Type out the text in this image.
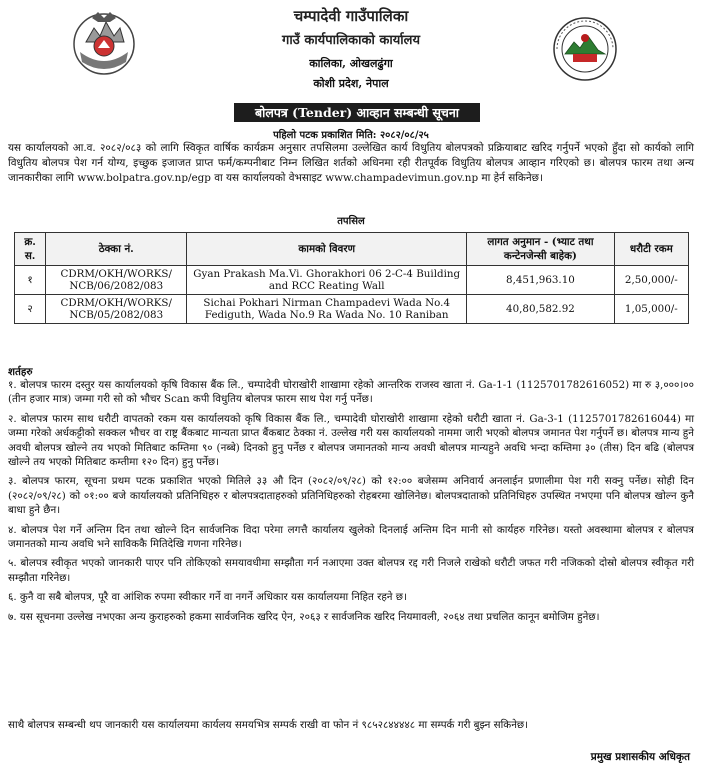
चम्पादेवी गाउँपालिका
गाउँ कार्यपालिकाको कार्यालय
कालिका, ओखलढुंगा
कोशी प्रदेश, नेपाल
बोलपत्र (Tender) आव्हान सम्बन्धी सूचना
पहिलो पटक प्रकाशित मिति: २०८२/०८/२५
यस कार्यालयको आ.व. २०८२/०८३ को लागि स्विकृत वार्षिक कार्यक्रम अनुसार तपसिलमा उल्लेखित कार्य विधुतिय बोलपत्रको प्रक्रियाबाट खरिद गर्नुपर्ने भएको हुँदा सो कार्यको लागि विधुतिय बोलपत्र पेश गर्न योग्य, इच्छुक इजाजत प्राप्त फर्म/कम्पनीबाट निम्न लिखित शर्तको अधिनमा रही रीतपूर्वक विधुतिय बोलपत्र आव्हान गरिएको छ। बोलपत्र फारम तथा अन्य जानकारीका लागि www.bolpatra.gov.np/egp वा यस कार्यालयको वेभसाइट www.champadevimun.gov.np मा हेर्न सकिनेछ।
तपसिल
क्र. स.	ठेक्का नं.	कामको विवरण	लागत अनुमान - (भ्याट तथा कन्टेनजेन्सी बाहेक)	धरौटी रकम
१	CDRM/OKH/WORKS/ NCB/06/2082/083	Gyan Prakash Ma.Vi. Ghorakhori 06 2-C-4 Building and RCC Reating Wall	8,451,963.10	2,50,000/-
२	CDRM/OKH/WORKS/ NCB/05/2082/083	Sichai Pokhari Nirman Champadevi Wada No.4 Fediguth, Wada No.9 Ra Wada No. 10 Raniban	40,80,582.92	1,05,000/-
शर्तहरु

१. बोलपत्र फारम दस्तुर यस कार्यालयको कृषि विकास बैंक लि., चम्पादेवी घोराखोरी शाखामा रहेको आन्तरिक राजस्व खाता नं. Ga-1-1 (1125701782616052) मा रु ३,०००।०० (तीन हजार मात्र) जम्मा गरी सो को भौचर Scan कपी विधुतिय बोलपत्र फारम साथ पेश गर्नु पर्नेछ।

२. बोलपत्र फारम साथ धरौटी वापतको रकम यस कार्यालयको कृषि विकास बैंक लि., चम्पादेवी घोराखोरी शाखामा रहेको धरौटी खाता नं. Ga-3-1 (1125701782616044) मा जम्मा गरेको अर्धकट्टीको सक्कल भौचर वा राष्ट्र बैंकबाट मान्यता प्राप्त बैंकबाट ठेक्का नं. उल्लेख गरी यस कार्यालयको नाममा जारी भएको बोलपत्र जमानत पेश गर्नुपर्ने छ। बोलपत्र मान्य हुने अवधी बोलपत्र खोल्ने तय भएको मितिबाट कम्तिमा ९० (नब्बे) दिनको हुनु पर्नेछ र बोलपत्र जमानतको मान्य अवधी बोलपत्र मान्यहुने अवधि भन्दा कम्तिमा ३० (तीस) दिन बढि (बोलपत्र खोल्ने तय भएको मितिबाट कम्तीमा १२० दिन) हुनु पर्नेछ।

३. बोलपत्र फारम, सूचना प्रथम पटक प्रकाशित भएको मितिले ३३ औ दिन (२०८२/०९/२८) को १२:०० बजेसम्म अनिवार्य अनलाईन प्रणालीमा पेश गरी सक्नु पर्नेछ। सोही दिन (२०८२/०९/२८) को ०१:०० बजे कार्यालयको प्रतिनिधिहरु र बोलपत्रदाताहरुको प्रतिनिधिहरुको रोहबरमा खोलिनेछ। बोलपत्रदाताको प्रतिनिधिहरु उपस्थित नभएमा पनि बोलपत्र खोल्न कुनै बाधा हुने छैन।

४. बोलपत्र पेश गर्ने अन्तिम दिन तथा खोल्ने दिन सार्वजनिक विदा परेमा लगत्तै कार्यालय खुलेको दिनलाई अन्तिम दिन मानी सो कार्यहरु गरिनेछ। यस्तो अवस्थामा बोलपत्र र बोलपत्र जमानतको मान्य अवधि भने साविककै मितिदेखि गणना गरिनेछ।

५. बोलपत्र स्वीकृत भएको जानकारी पाएर पनि तोकिएको समयावधीमा सम्झौता गर्न नआएमा उक्त बोलपत्र रद्द गरी निजले राखेको धरौटी जफत गरी नजिकको दोस्रो बोलपत्र स्वीकृत गरी सम्झौता गरिनेछ।

६. कुनै वा सबै बोलपत्र, पूरै वा आंशिक रुपमा स्वीकार गर्ने वा नगर्ने अधिकार यस कार्यालयमा निहित रहने छ।

७. यस सूचनमा उल्लेख नभएका अन्य कुराहरुको हकमा सार्वजनिक खरिद ऐन, २०६३ र सार्वजनिक खरिद नियमावली, २०६४ तथा प्रचलित कानून बमोजिम हुनेछ।

साथै बोलपत्र सम्बन्धी थप जानकारी यस कार्यालयमा कार्यलय समयभित्र सम्पर्क राखी वा फोन नं ९८५२८४४४४८ मा सम्पर्क गरी बुझ्न सकिनेछ।
प्रमुख प्रशासकीय अधिकृत
